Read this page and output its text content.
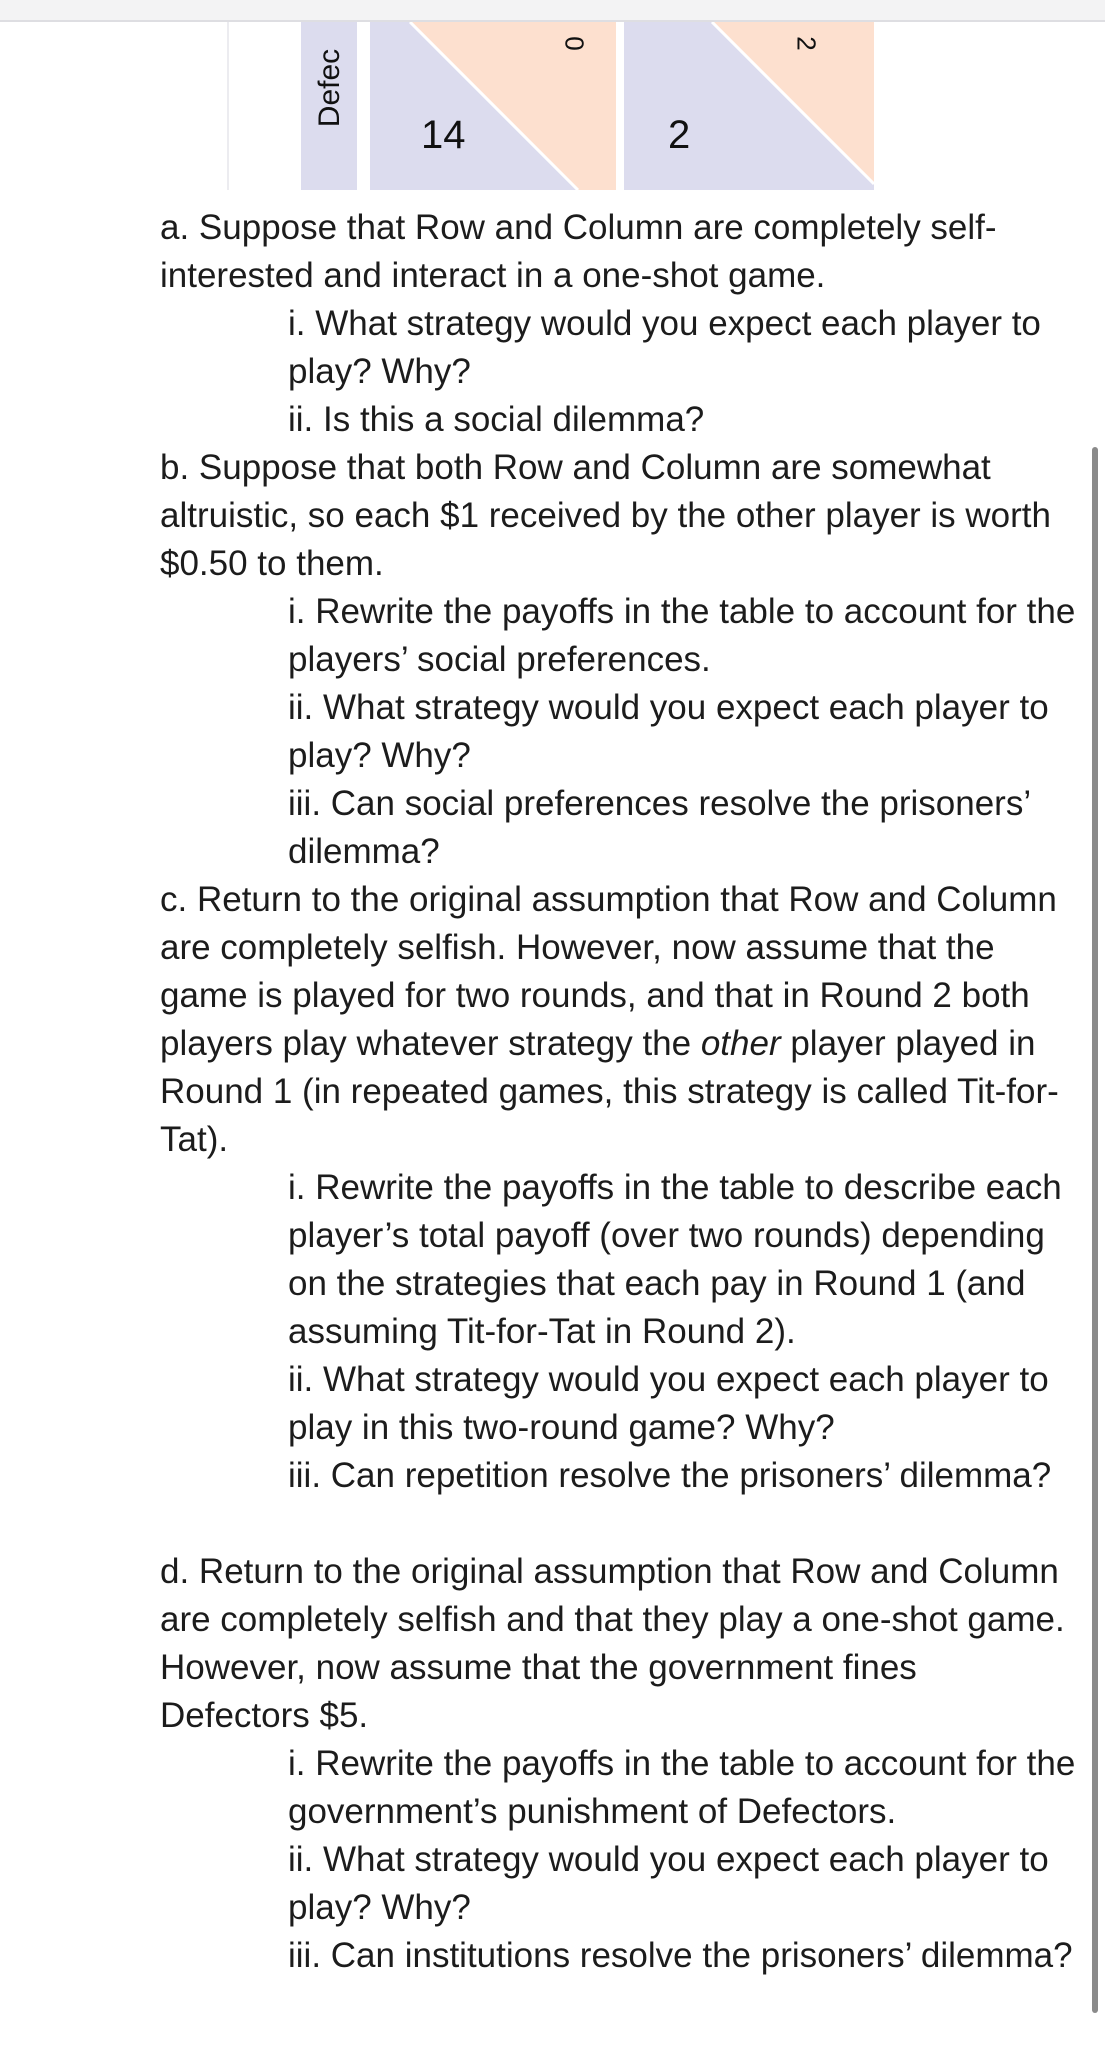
Defec
14	2
0	2

a. Suppose that Row and Column are completely self-interested and interact in a one-shot game.

i. What strategy would you expect each player to play? Why?

ii. Is this a social dilemma?

b. Suppose that both Row and Column are somewhat altruistic, so each $1 received by the other player is worth $0.50 to them.

i. Rewrite the payoffs in the table to account for the players’ social preferences.

ii. What strategy would you expect each player to play? Why?

iii. Can social preferences resolve the prisoners’ dilemma?

c. Return to the original assumption that Row and Column are completely selfish. However, now assume that the game is played for two rounds, and that in Round 2 both players play whatever strategy the other player played in Round 1 (in repeated games, this strategy is called Tit-for-Tat).

i. Rewrite the payoffs in the table to describe each player’s total payoff (over two rounds) depending on the strategies that each pay in Round 1 (and assuming Tit-for-Tat in Round 2).

ii. What strategy would you expect each player to play in this two-round game? Why?

iii. Can repetition resolve the prisoners’ dilemma?

d. Return to the original assumption that Row and Column are completely selfish and that they play a one-shot game. However, now assume that the government fines Defectors $5.

i. Rewrite the payoffs in the table to account for the government’s punishment of Defectors.

ii. What strategy would you expect each player to play? Why?

iii. Can institutions resolve the prisoners’ dilemma?
